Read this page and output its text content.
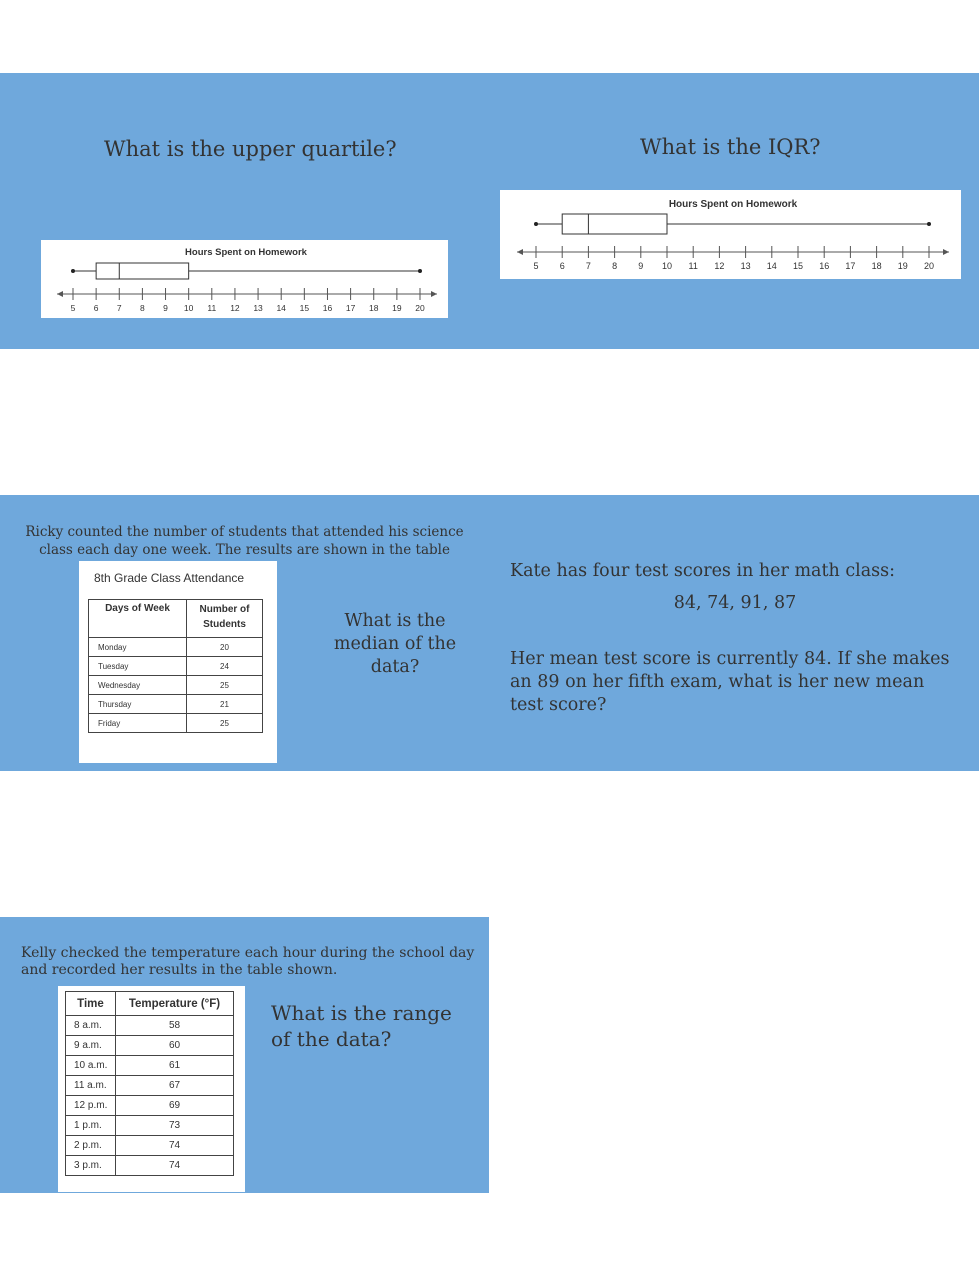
What is the upper quartile?	What is the IQR?
Hours Spent on Homework
5 6 7 8 9 10 11 12 13 14 15 16 17 18 19 20
Hours Spent on Homework
5 6 7 8 9 10 11 12 13 14 15 16 17 18 19 20
Ricky counted the number of students that attended his science class each day one week. The results are shown in the table
8th Grade Class Attendance
Days of Week	Number of Students
Monday	20
Tuesday	24
Wednesday	25
Thursday	21
Friday	25
What is the median of the data?
Kate has four test scores in her math class:
84, 74, 91, 87
Her mean test score is currently 84. If she makes an 89 on her fifth exam, what is her new mean test score?
Kelly checked the temperature each hour during the school day and recorded her results in the table shown.
Time	Temperature (°F)
8 a.m.	58
9 a.m.	60
10 a.m.	61
11 a.m.	67
12 p.m.	69
1 p.m.	73
2 p.m.	74
3 p.m.	74
What is the range of the data?
